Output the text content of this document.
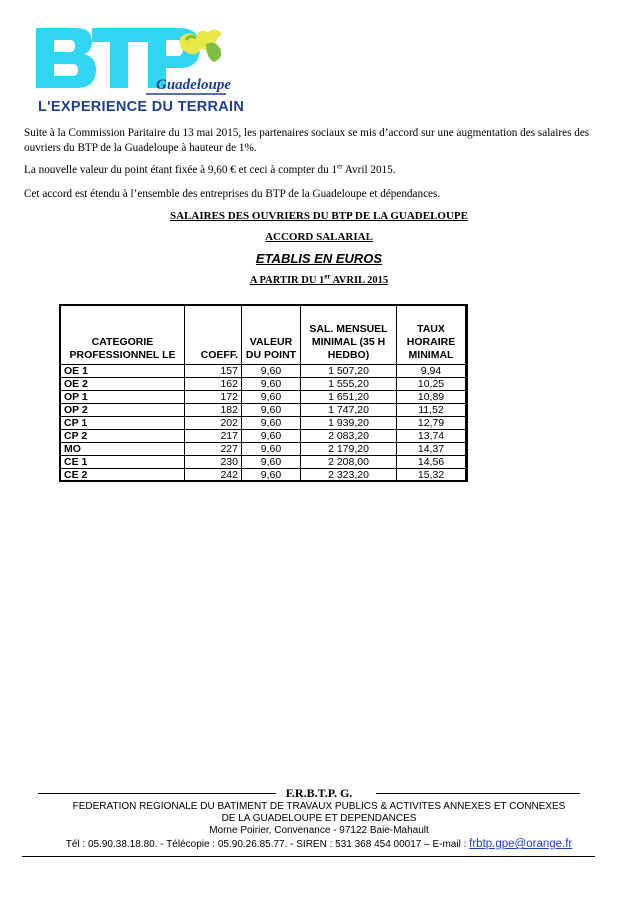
Guadeloupe
L'EXPERIENCE DU TERRAIN
Suite à la Commission Paritaire du 13 mai 2015, les partenaires sociaux se mis d’accord sur une augmentation des salaires des ouvriers du BTP de la Guadeloupe à hauteur de 1%.
La nouvelle valeur du point étant fixée à 9,60 € et ceci à compter du 1er Avril 2015.
Cet accord est étendu à l’ensemble des entreprises du BTP de la Guadeloupe et dépendances.
SALAIRES DES OUVRIERS DU BTP DE LA GUADELOUPE
ACCORD SALARIAL
ETABLIS EN EUROS
A PARTIR DU 1er AVRIL 2015
CATEGORIE PROFESSIONNEL LE	COEFF.	VALEUR DU POINT	SAL. MENSUEL MINIMAL (35 H HEDBO)	TAUX HORAIRE MINIMAL
OE 1	157	9,60	1 507,20	9,94
OE 2	162	9,60	1 555,20	10,25
OP 1	172	9,60	1 651,20	10,89
OP 2	182	9,60	1 747,20	11,52
CP 1	202	9,60	1 939,20	12,79
CP 2	217	9,60	2 083,20	13,74
MO	227	9,60	2 179,20	14,37
CE 1	230	9,60	2 208,00	14,56
CE 2	242	9,60	2 323,20	15,32
F.R.B.T.P. G.
FEDERATION REGIONALE DU BATIMENT DE TRAVAUX PUBLICS & ACTIVITES ANNEXES ET CONNEXES
DE LA GUADELOUPE ET DEPENDANCES
Morne Poirier, Convenance - 97122 Baie-Mahault
Tél : 05.90.38.18.80. - Télécopie : 05.90.26.85.77. - SIREN : 531 368 454 00017 – E-mail : frbtp.gpe@orange.fr
